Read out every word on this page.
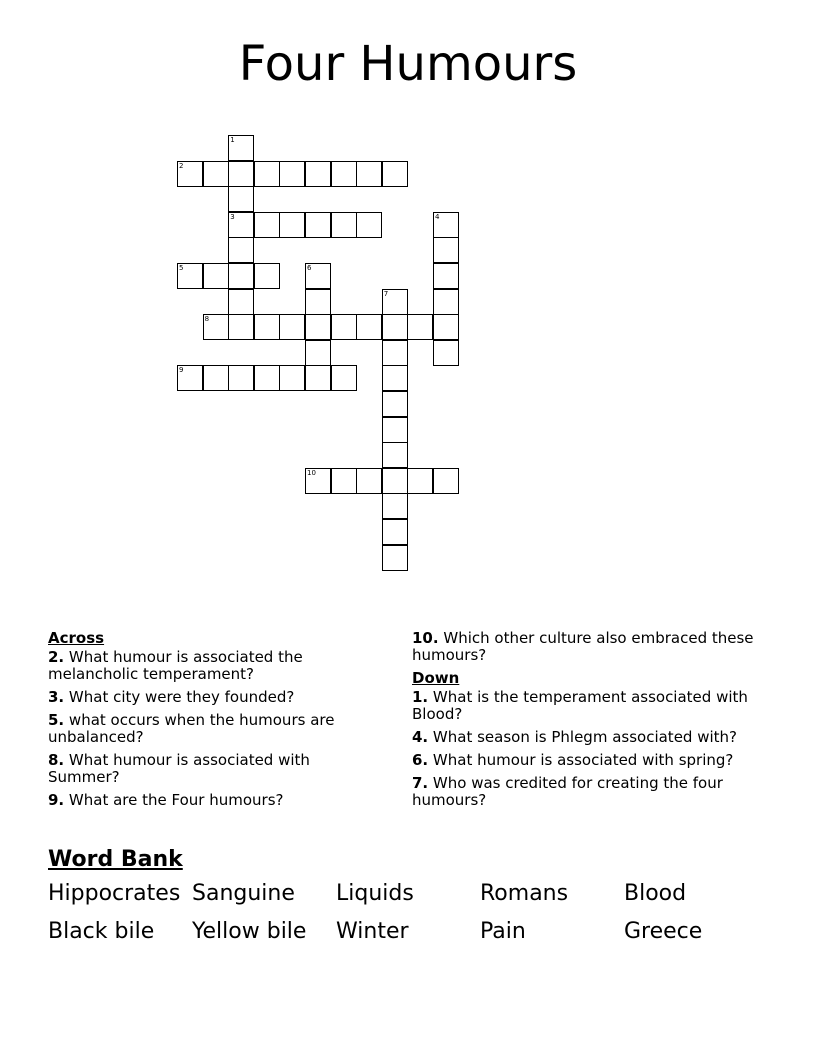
Four Humours
1
3
2
4
5	6
7
8
9
10
Across
2. What humour is associated the melancholic temperament?
3. What city were they founded?
5. what occurs when the humours are unbalanced?
8. What humour is associated with Summer?
9. What are the Four humours?
10. Which other culture also embraced these humours?
Down
1. What is the temperament associated with Blood?
4. What season is Phlegm associated with?
6. What humour is associated with spring?
7. Who was credited for creating the four humours?
Word Bank
Hippocrates Sanguine	Liquids	Romans	Blood
Black bile	Yellow bile	Winter	Pain	Greece
